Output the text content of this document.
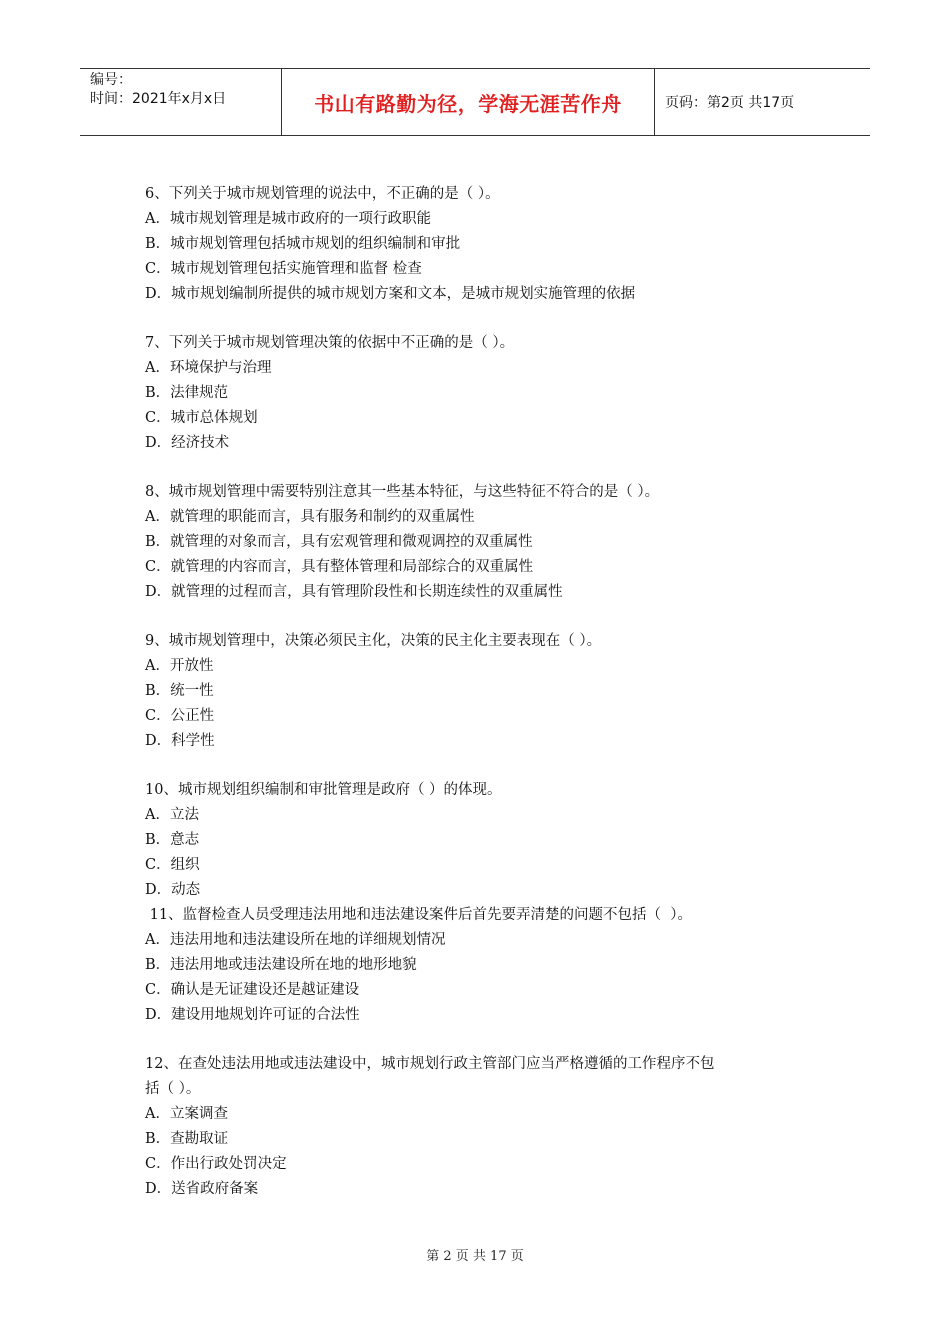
编号：
时间：2021年x月x日	书山有路勤为径，学海无涯苦作舟	页码：第2页 共17页
6、下列关于城市规划管理的说法中，不正确的是（ ）。
A．城市规划管理是城市政府的一项行政职能
B．城市规划管理包括城市规划的组织编制和审批
C．城市规划管理包括实施管理和监督 检查
D．城市规划编制所提供的城市规划方案和文本，是城市规划实施管理的依据
7、下列关于城市规划管理决策的依据中不正确的是（ ）。
A．环境保护与治理
B．法律规范
C．城市总体规划
D．经济技术
8、城市规划管理中需要特别注意其一些基本特征，与这些特征不符合的是（ ）。
A．就管理的职能而言，具有服务和制约的双重属性
B．就管理的对象而言，具有宏观管理和微观调控的双重属性
C．就管理的内容而言，具有整体管理和局部综合的双重属性
D．就管理的过程而言，具有管理阶段性和长期连续性的双重属性
9、城市规划管理中，决策必须民主化，决策的民主化主要表现在（ ）。
A．开放性
B．统一性
C．公正性
D．科学性
10、城市规划组织编制和审批管理是政府（ ）的体现。
A．立法
B．意志
C．组织
D．动态
11、监督检查人员受理违法用地和违法建设案件后首先要弄清楚的问题不包括（  ）。
A．违法用地和违法建设所在地的详细规划情况
B．违法用地或违法建设所在地的地形地貌
C．确认是无证建设还是越证建设
D．建设用地规划许可证的合法性
12、在查处违法用地或违法建设中，城市规划行政主管部门应当严格遵循的工作程序不包
括（ ）。
A．立案调查
B．查勘取证
C．作出行政处罚决定
D．送省政府备案
第 2 页 共 17 页
